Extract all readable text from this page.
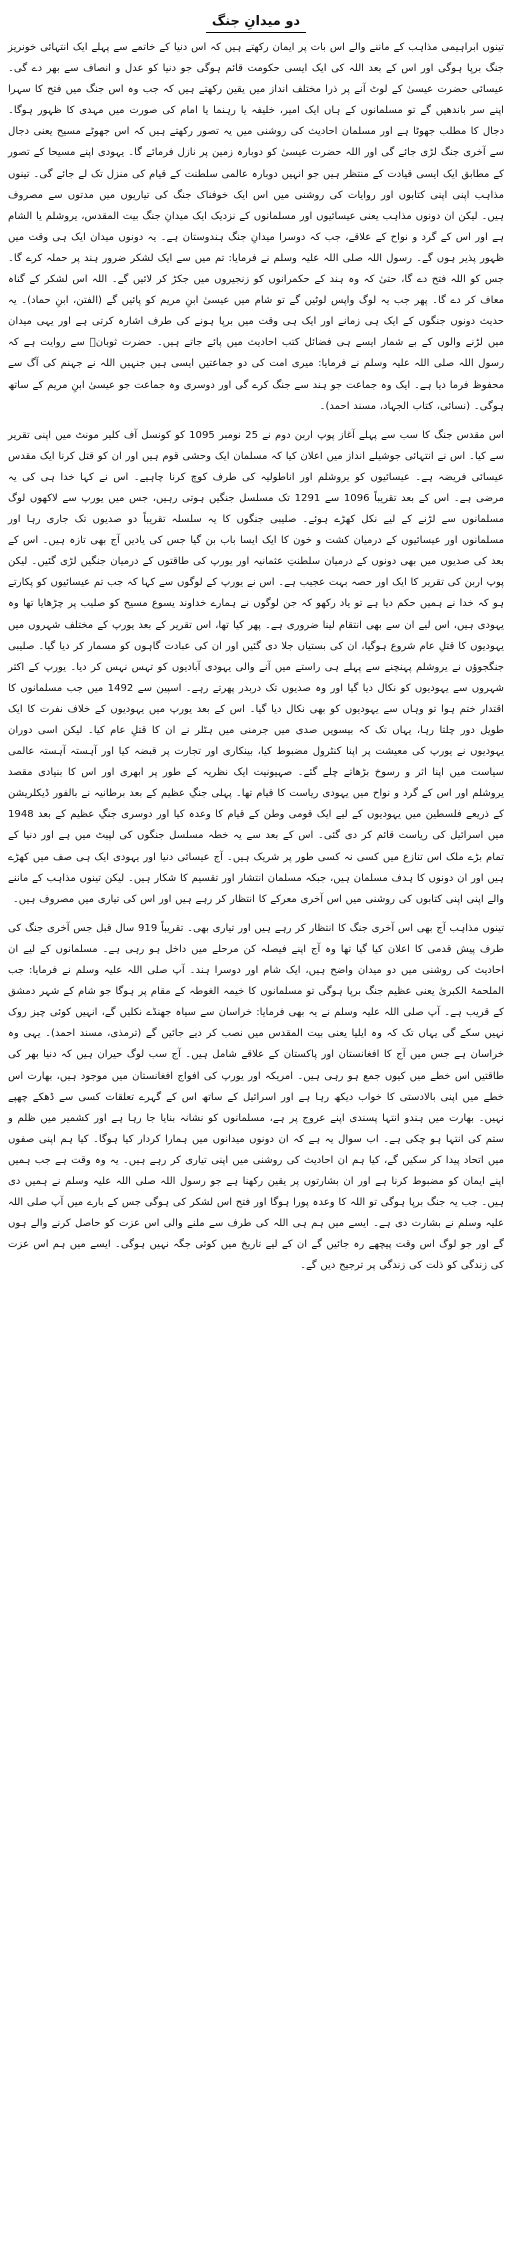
دو میدانِ جنگ

تینوں ابراہیمی مذاہب کے ماننے والے اس بات پر ایمان رکھتے ہیں کہ اس دنیا کے خاتمے سے پہلے ایک انتہائی خونریز جنگ برپا ہوگی اور اس کے بعد اللہ کی ایک ایسی حکومت قائم ہوگی جو دنیا کو عدل و انصاف سے بھر دے گی۔ عیسائی حضرت عیسیٰ کے لوٹ آنے پر ذرا مختلف انداز میں یقین رکھتے ہیں کہ جب وہ اس جنگ میں فتح کا سہرا اپنے سر باندھیں گے تو مسلمانوں کے ہاں ایک امیر، خلیفہ یا رہنما یا امام کی صورت میں مہدی کا ظہور ہوگا۔ دجال کا مطلب جھوٹا ہے اور مسلمان احادیث کی روشنی میں یہ تصور رکھتے ہیں کہ اس جھوٹے مسیح یعنی دجال سے آخری جنگ لڑی جائے گی اور اللہ حضرت عیسیٰ کو دوبارہ زمین پر نازل فرمائے گا۔ یہودی اپنے مسیحا کے تصور کے مطابق ایک ایسی قیادت کے منتظر ہیں جو انہیں دوبارہ عالمی سلطنت کے قیام کی منزل تک لے جائے گی۔ تینوں مذاہب اپنی اپنی کتابوں اور روایات کی روشنی میں اس ایک خوفناک جنگ کی تیاریوں میں مدتوں سے مصروف ہیں۔ لیکن ان دونوں مذاہب یعنی عیسائیوں اور مسلمانوں کے نزدیک ایک میدانِ جنگ بیت المقدس، یروشلم یا الشام ہے اور اس کے گرد و نواح کے علاقے، جب کہ دوسرا میدانِ جنگ ہندوستان ہے۔ یہ دونوں میدان ایک ہی وقت میں ظہور پذیر ہوں گے۔ رسول اللہ صلی اللہ علیہ وسلم نے فرمایا: تم میں سے ایک لشکر ضرور ہند پر حملہ کرے گا۔ جس کو اللہ فتح دے گا، حتیٰ کہ وہ ہند کے حکمرانوں کو زنجیروں میں جکڑ کر لائیں گے۔ اللہ اس لشکر کے گناہ معاف کر دے گا۔ پھر جب یہ لوگ واپس لوٹیں گے تو شام میں عیسیٰ ابنِ مریم کو پائیں گے (الفتن، ابنِ حماد)۔ یہ حدیث دونوں جنگوں کے ایک ہی زمانے اور ایک ہی وقت میں برپا ہونے کی طرف اشارہ کرتی ہے اور یہی میدان میں لڑنے والوں کے بے شمار ایسے ہی فضائل کتب احادیث میں پائے جاتے ہیں۔ حضرت ثوبانؓ سے روایت ہے کہ رسول اللہ صلی اللہ علیہ وسلم نے فرمایا: میری امت کی دو جماعتیں ایسی ہیں جنہیں اللہ نے جہنم کی آگ سے محفوظ فرما دیا ہے۔ ایک وہ جماعت جو ہند سے جنگ کرے گی اور دوسری وہ جماعت جو عیسیٰ ابنِ مریم کے ساتھ ہوگی۔ (نسائی، کتاب الجہاد، مسند احمد)۔

اس مقدس جنگ کا سب سے پہلے آغاز پوپ اربن دوم نے 25 نومبر 1095 کو کونسل آف کلیر مونٹ میں اپنی تقریر سے کیا۔ اس نے انتہائی جوشیلے انداز میں اعلان کیا کہ مسلمان ایک وحشی قوم ہیں اور ان کو قتل کرنا ایک مقدس عیسائی فریضہ ہے۔ عیسائیوں کو یروشلم اور اناطولیہ کی طرف کوچ کرنا چاہیے۔ اس نے کہا خدا ہی کی یہ مرضی ہے۔ اس کے بعد تقریباً 1096 سے 1291 تک مسلسل جنگیں ہوتی رہیں، جس میں یورپ سے لاکھوں لوگ مسلمانوں سے لڑنے کے لیے نکل کھڑے ہوئے۔ صلیبی جنگوں کا یہ سلسلہ تقریباً دو صدیوں تک جاری رہا اور مسلمانوں اور عیسائیوں کے درمیان کشت و خون کا ایک ایسا باب بن گیا جس کی یادیں آج بھی تازہ ہیں۔ اس کے بعد کی صدیوں میں بھی دونوں کے درمیان سلطنتِ عثمانیہ اور یورپ کی طاقتوں کے درمیان جنگیں لڑی گئیں۔ لیکن پوپ اربن کی تقریر کا ایک اور حصہ بہت عجیب ہے۔ اس نے یورپ کے لوگوں سے کہا کہ جب تم عیسائیوں کو پکارتے ہو کہ خدا نے ہمیں حکم دیا ہے تو یاد رکھو کہ جن لوگوں نے ہمارے خداوند یسوع مسیح کو صلیب پر چڑھایا تھا وہ یہودی ہیں، اس لیے ان سے بھی انتقام لینا ضروری ہے۔ پھر کیا تھا، اس تقریر کے بعد یورپ کے مختلف شہروں میں یہودیوں کا قتلِ عام شروع ہوگیا، ان کی بستیاں جلا دی گئیں اور ان کی عبادت گاہوں کو مسمار کر دیا گیا۔ صلیبی جنگجوؤں نے یروشلم پہنچنے سے پہلے ہی راستے میں آنے والی یہودی آبادیوں کو تہس نہس کر دیا۔ یورپ کے اکثر شہروں سے یہودیوں کو نکال دیا گیا اور وہ صدیوں تک دربدر پھرتے رہے۔ اسپین سے 1492 میں جب مسلمانوں کا اقتدار ختم ہوا تو وہاں سے یہودیوں کو بھی نکال دیا گیا۔ اس کے بعد یورپ میں یہودیوں کے خلاف نفرت کا ایک طویل دور چلتا رہا، یہاں تک کہ بیسویں صدی میں جرمنی میں ہٹلر نے ان کا قتلِ عام کیا۔ لیکن اسی دوران یہودیوں نے یورپ کی معیشت پر اپنا کنٹرول مضبوط کیا، بینکاری اور تجارت پر قبضہ کیا اور آہستہ آہستہ عالمی سیاست میں اپنا اثر و رسوخ بڑھاتے چلے گئے۔ صہیونیت ایک نظریہ کے طور پر ابھری اور اس کا بنیادی مقصد یروشلم اور اس کے گرد و نواح میں یہودی ریاست کا قیام تھا۔ پہلی جنگِ عظیم کے بعد برطانیہ نے بالفور ڈیکلریشن کے ذریعے فلسطین میں یہودیوں کے لیے ایک قومی وطن کے قیام کا وعدہ کیا اور دوسری جنگِ عظیم کے بعد 1948 میں اسرائیل کی ریاست قائم کر دی گئی۔ اس کے بعد سے یہ خطہ مسلسل جنگوں کی لپیٹ میں ہے اور دنیا کے تمام بڑے ملک اس تنازع میں کسی نہ کسی طور پر شریک ہیں۔ آج عیسائی دنیا اور یہودی ایک ہی صف میں کھڑے ہیں اور ان دونوں کا ہدف مسلمان ہیں، جبکہ مسلمان انتشار اور تقسیم کا شکار ہیں۔ لیکن تینوں مذاہب کے ماننے والے اپنی اپنی کتابوں کی روشنی میں اس آخری معرکے کا انتظار کر رہے ہیں اور اس کی تیاری میں مصروف ہیں۔

تینوں مذاہب آج بھی اس آخری جنگ کا انتظار کر رہے ہیں اور تیاری بھی۔ تقریباً 919 سال قبل جس آخری جنگ کی طرف پیش قدمی کا اعلان کیا گیا تھا وہ آج اپنے فیصلہ کن مرحلے میں داخل ہو رہی ہے۔ مسلمانوں کے لیے ان احادیث کی روشنی میں دو میدان واضح ہیں، ایک شام اور دوسرا ہند۔ آپ صلی اللہ علیہ وسلم نے فرمایا: جب الملحمۃ الکبریٰ یعنی عظیم جنگ برپا ہوگی تو مسلمانوں کا خیمہ الغوطہ کے مقام پر ہوگا جو شام کے شہر دمشق کے قریب ہے۔ آپ صلی اللہ علیہ وسلم نے یہ بھی فرمایا: خراسان سے سیاہ جھنڈے نکلیں گے، انہیں کوئی چیز روک نہیں سکے گی یہاں تک کہ وہ ایلیا یعنی بیت المقدس میں نصب کر دیے جائیں گے (ترمذی، مسند احمد)۔ یہی وہ خراسان ہے جس میں آج کا افغانستان اور پاکستان کے علاقے شامل ہیں۔ آج سب لوگ حیران ہیں کہ دنیا بھر کی طاقتیں اس خطے میں کیوں جمع ہو رہی ہیں۔ امریکہ اور یورپ کی افواج افغانستان میں موجود ہیں، بھارت اس خطے میں اپنی بالادستی کا خواب دیکھ رہا ہے اور اسرائیل کے ساتھ اس کے گہرے تعلقات کسی سے ڈھکے چھپے نہیں۔ بھارت میں ہندو انتہا پسندی اپنے عروج پر ہے، مسلمانوں کو نشانہ بنایا جا رہا ہے اور کشمیر میں ظلم و ستم کی انتہا ہو چکی ہے۔ اب سوال یہ ہے کہ ان دونوں میدانوں میں ہمارا کردار کیا ہوگا۔ کیا ہم اپنی صفوں میں اتحاد پیدا کر سکیں گے، کیا ہم ان احادیث کی روشنی میں اپنی تیاری کر رہے ہیں۔ یہ وہ وقت ہے جب ہمیں اپنے ایمان کو مضبوط کرنا ہے اور ان بشارتوں پر یقین رکھنا ہے جو رسول اللہ صلی اللہ علیہ وسلم نے ہمیں دی ہیں۔ جب یہ جنگ برپا ہوگی تو اللہ کا وعدہ پورا ہوگا اور فتح اس لشکر کی ہوگی جس کے بارے میں آپ صلی اللہ علیہ وسلم نے بشارت دی ہے۔ ایسے میں ہم ہی اللہ کی طرف سے ملنے والی اس عزت کو حاصل کرنے والے ہوں گے اور جو لوگ اس وقت پیچھے رہ جائیں گے ان کے لیے تاریخ میں کوئی جگہ نہیں ہوگی۔ ایسے میں ہم اس عزت کی زندگی کو ذلت کی زندگی پر ترجیح دیں گے۔
